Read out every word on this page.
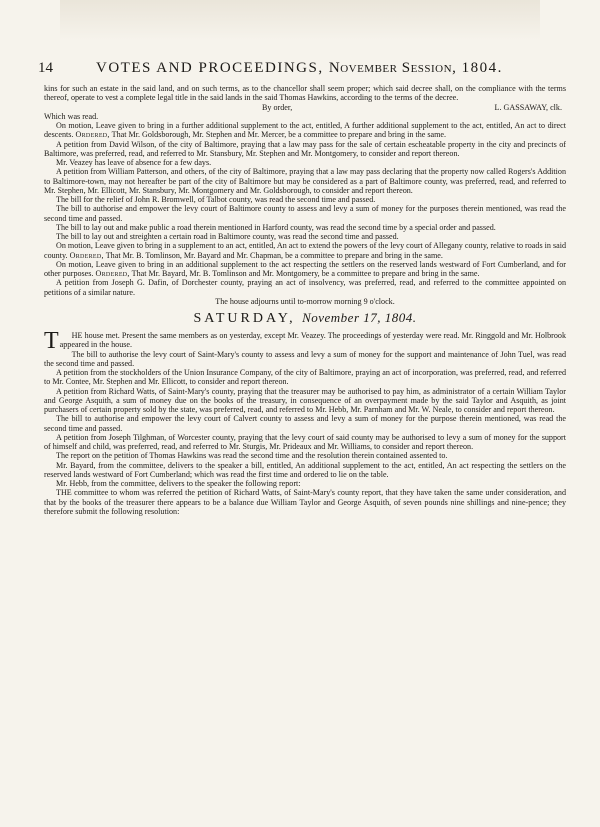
14	VOTES AND PROCEEDINGS, November Session, 1804.

kins for such an estate in the said land, and on such terms, as to the chancellor shall seem proper; which said decree shall, on the compliance with the terms thereof, operate to vest a complete legal title in the said lands in the said Thomas Hawkins, according to the terms of the decree.

By order,	L. GASSAWAY, clk.

Which was read.

On motion, Leave given to bring in a further additional supplement to the act, entitled, A further additional supplement to the act, entitled, An act to direct descents. Ordered, That Mr. Goldsborough, Mr. Stephen and Mr. Mercer, be a committee to prepare and bring in the same.

A petition from David Wilson, of the city of Baltimore, praying that a law may pass for the sale of certain escheatable property in the city and precincts of Baltimore, was preferred, read, and referred to Mr. Stansbury, Mr. Stephen and Mr. Montgomery, to consider and report thereon.

Mr. Veazey has leave of absence for a few days.

A petition from William Patterson, and others, of the city of Baltimore, praying that a law may pass declaring that the property now called Rogers's Addition to Baltimore-town, may not hereafter be part of the city of Baltimore but may be considered as a part of Baltimore county, was preferred, read, and referred to Mr. Stephen, Mr. Ellicott, Mr. Stansbury, Mr. Montgomery and Mr. Goldsborough, to consider and report thereon.

The bill for the relief of John R. Bromwell, of Talbot county, was read the second time and passed.

The bill to authorise and empower the levy court of Baltimore county to assess and levy a sum of money for the purposes therein mentioned, was read the second time and passed.

The bill to lay out and make public a road therein mentioned in Harford county, was read the second time by a special order and passed.

The bill to lay out and streighten a certain road in Baltimore county, was read the second time and passed.

On motion, Leave given to bring in a supplement to an act, entitled, An act to extend the powers of the levy court of Allegany county, relative to roads in said county. Ordered, That Mr. B. Tomlinson, Mr. Bayard and Mr. Chapman, be a committee to prepare and bring in the same.

On motion, Leave given to bring in an additional supplement to the act respecting the settlers on the reserved lands westward of Fort Cumberland, and for other purposes. Ordered, That Mr. Bayard, Mr. B. Tomlinson and Mr. Montgomery, be a committee to prepare and bring in the same.

A petition from Joseph G. Dafin, of Dorchester county, praying an act of insolvency, was preferred, read, and referred to the committee appointed on petitions of a similar nature.

The house adjourns until to-morrow morning 9 o'clock.

SATURDAY, November 17, 1804.

T HE house met. Present the same members as on yesterday, except Mr. Veazey. The proceedings of yesterday were read. Mr. Ringgold and Mr. Holbrook appeared in the house.

The bill to authorise the levy court of Saint-Mary's county to assess and levy a sum of money for the support and maintenance of John Tuel, was read the second time and passed.

A petition from the stockholders of the Union Insurance Company, of the city of Baltimore, praying an act of incorporation, was preferred, read, and referred to Mr. Contee, Mr. Stephen and Mr. Ellicott, to consider and report thereon.

A petition from Richard Watts, of Saint-Mary's county, praying that the treasurer may be authorised to pay him, as administrator of a certain William Taylor and George Asquith, a sum of money due on the books of the treasury, in consequence of an overpayment made by the said Taylor and Asquith, as joint purchasers of certain property sold by the state, was preferred, read, and referred to Mr. Hebb, Mr. Parnham and Mr. W. Neale, to consider and report thereon.

The bill to authorise and empower the levy court of Calvert county to assess and levy a sum of money for the purpose therein mentioned, was read the second time and passed.

A petition from Joseph Tilghman, of Worcester county, praying that the levy court of said county may be authorised to levy a sum of money for the support of himself and child, was preferred, read, and referred to Mr. Sturgis, Mr. Prideaux and Mr. Williams, to consider and report thereon.

The report on the petition of Thomas Hawkins was read the second time and the resolution therein contained assented to.

Mr. Bayard, from the committee, delivers to the speaker a bill, entitled, An additional supplement to the act, entitled, An act respecting the settlers on the reserved lands westward of Fort Cumberland; which was read the first time and ordered to lie on the table.

Mr. Hebb, from the committee, delivers to the speaker the following report:

THE committee to whom was referred the petition of Richard Watts, of Saint-Mary's county report, that they have taken the same under consideration, and that by the books of the treasurer there appears to be a balance due William Taylor and George Asquith, of seven pounds nine shillings and nine-pence; they therefore submit the following resolution:
